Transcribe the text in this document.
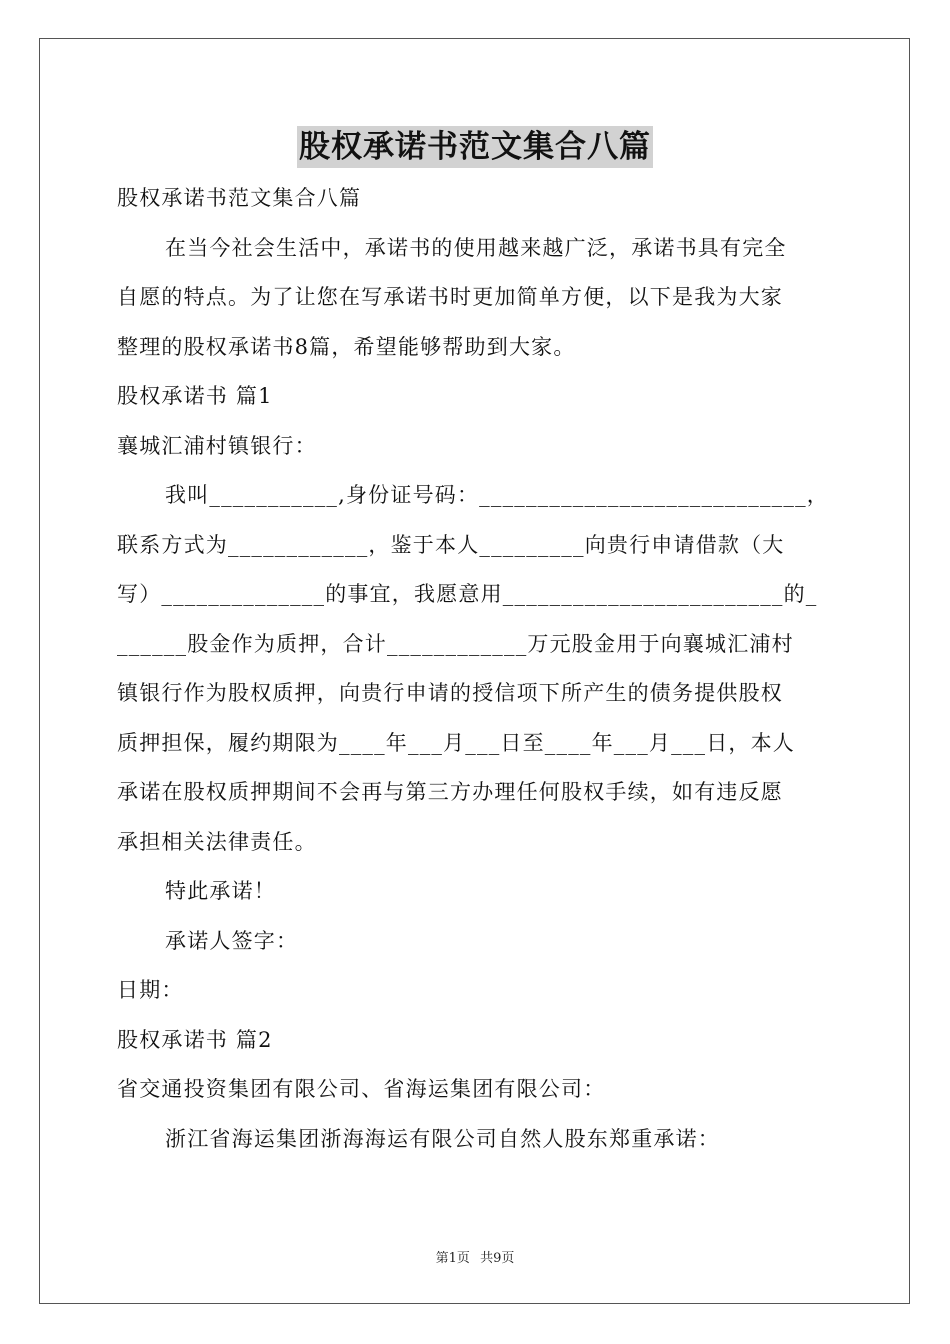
股权承诺书范文集合八篇
股权承诺书范文集合八篇
在当今社会生活中，承诺书的使用越来越广泛，承诺书具有完全
自愿的特点。为了让您在写承诺书时更加简单方便，以下是我为大家
整理的股权承诺书8篇，希望能够帮助到大家。
股权承诺书 篇1
襄城汇浦村镇银行：
我叫___________,身份证号码：____________________________，
联系方式为____________，鉴于本人_________向贵行申请借款（大
写）______________的事宜，我愿意用________________________的_
______股金作为质押，合计____________万元股金用于向襄城汇浦村
镇银行作为股权质押，向贵行申请的授信项下所产生的债务提供股权
质押担保，履约期限为____年___月___日至____年___月___日，本人
承诺在股权质押期间不会再与第三方办理任何股权手续，如有违反愿
承担相关法律责任。
特此承诺！
承诺人签字：
日期：
股权承诺书 篇2
省交通投资集团有限公司、省海运集团有限公司：
浙江省海运集团浙海海运有限公司自然人股东郑重承诺：
第1页 共9页
